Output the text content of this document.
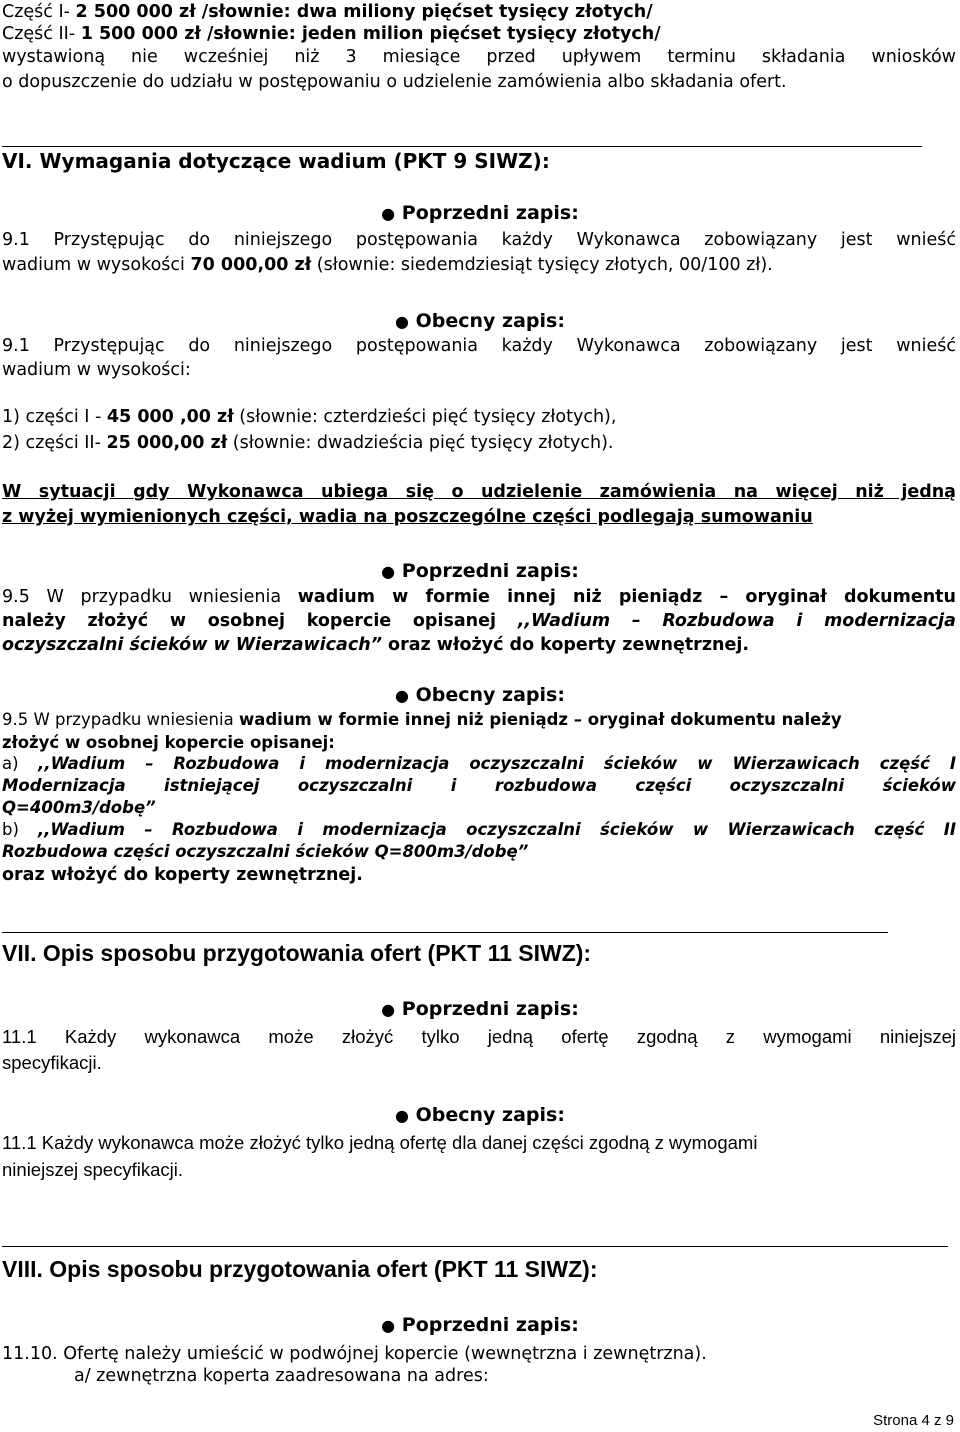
Część I- 2 500 000 zł /słownie: dwa miliony pięćset tysięcy złotych/
Część II- 1 500 000 zł /słownie: jeden milion pięćset tysięcy złotych/
wystawioną nie wcześniej niż 3 miesiące przed upływem terminu składania wniosków
o dopuszczenie do udziału w postępowaniu o udzielenie zamówienia albo składania ofert.
VI. Wymagania dotyczące wadium (PKT 9 SIWZ):
● Poprzedni zapis:
9.1 Przystępując do niniejszego postępowania każdy Wykonawca zobowiązany jest wnieść
wadium w wysokości 70 000,00 zł (słownie: siedemdziesiąt tysięcy złotych, 00/100 zł).
● Obecny zapis:
9.1 Przystępując do niniejszego postępowania każdy Wykonawca zobowiązany jest wnieść
wadium w wysokości:
1) części I - 45 000 ,00 zł (słownie: czterdzieści pięć tysięcy złotych),
2) części II- 25 000,00 zł (słownie: dwadzieścia pięć tysięcy złotych).
W sytuacji gdy Wykonawca ubiega się o udzielenie zamówienia na więcej niż jedną
z wyżej wymienionych części, wadia na poszczególne części podlegają sumowaniu
● Poprzedni zapis:
9.5 W przypadku wniesienia wadium w formie innej niż pieniądz – oryginał dokumentu
należy złożyć w osobnej kopercie opisanej ,,Wadium – Rozbudowa i modernizacja
oczyszczalni ścieków w Wierzawicach” oraz włożyć do koperty zewnętrznej.
● Obecny zapis:
9.5 W przypadku wniesienia wadium w formie innej niż pieniądz – oryginał dokumentu należy
złożyć w osobnej kopercie opisanej:
a) ,,Wadium – Rozbudowa i modernizacja oczyszczalni ścieków w Wierzawicach część I
Modernizacja istniejącej oczyszczalni i rozbudowa części oczyszczalni ścieków
Q=400m3/dobę”
b) ,,Wadium – Rozbudowa i modernizacja oczyszczalni ścieków w Wierzawicach część II
Rozbudowa części oczyszczalni ścieków Q=800m3/dobę”
oraz włożyć do koperty zewnętrznej.
VII. Opis sposobu przygotowania ofert (PKT 11 SIWZ):
● Poprzedni zapis:
11.1 Każdy wykonawca może złożyć tylko jedną ofertę zgodną z wymogami niniejszej
specyfikacji.
● Obecny zapis:
11.1 Każdy wykonawca może złożyć tylko jedną ofertę dla danej części zgodną z wymogami
niniejszej specyfikacji.
VIII. Opis sposobu przygotowania ofert (PKT 11 SIWZ):
● Poprzedni zapis:
11.10. Ofertę należy umieścić w podwójnej kopercie (wewnętrzna i zewnętrzna).
a/ zewnętrzna koperta zaadresowana na adres:
Strona 4 z 9
